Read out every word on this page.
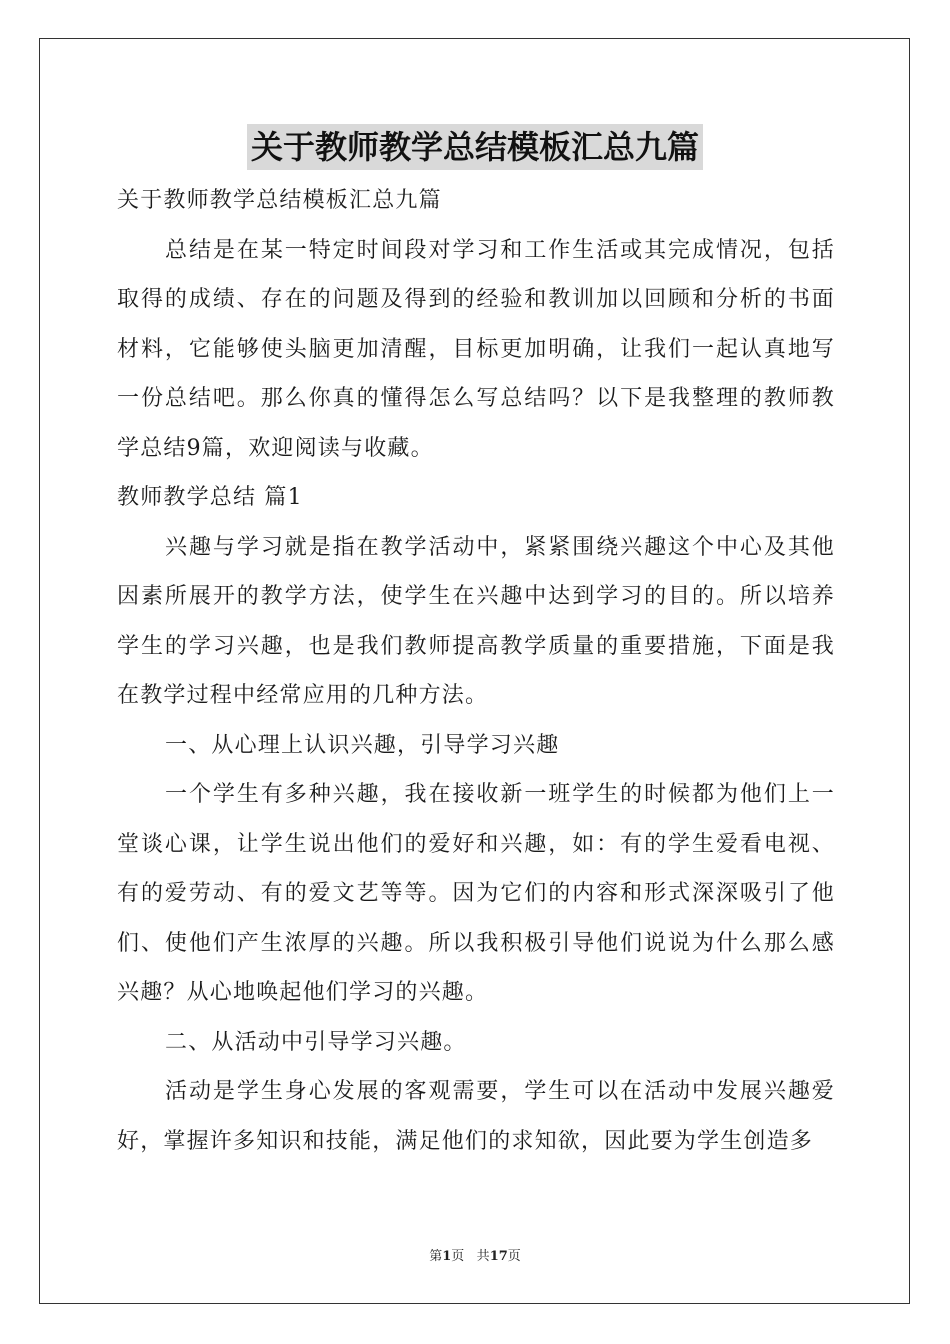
关于教师教学总结模板汇总九篇

关于教师教学总结模板汇总九篇

总结是在某一特定时间段对学习和工作生活或其完成情况，包括取得的成绩、存在的问题及得到的经验和教训加以回顾和分析的书面材料，它能够使头脑更加清醒，目标更加明确，让我们一起认真地写一份总结吧。那么你真的懂得怎么写总结吗？以下是我整理的教师教学总结9篇，欢迎阅读与收藏。

教师教学总结 篇1

兴趣与学习就是指在教学活动中，紧紧围绕兴趣这个中心及其他因素所展开的教学方法，使学生在兴趣中达到学习的目的。所以培养学生的学习兴趣，也是我们教师提高教学质量的重要措施，下面是我在教学过程中经常应用的几种方法。

一、从心理上认识兴趣，引导学习兴趣

一个学生有多种兴趣，我在接收新一班学生的时候都为他们上一堂谈心课，让学生说出他们的爱好和兴趣，如：有的学生爱看电视、有的爱劳动、有的爱文艺等等。因为它们的内容和形式深深吸引了他们、使他们产生浓厚的兴趣。所以我积极引导他们说说为什么那么感兴趣？从心地唤起他们学习的兴趣。

二、从活动中引导学习兴趣。

活动是学生身心发展的客观需要，学生可以在活动中发展兴趣爱好，掌握许多知识和技能，满足他们的求知欲，因此要为学生创造多

第1页 共17页
